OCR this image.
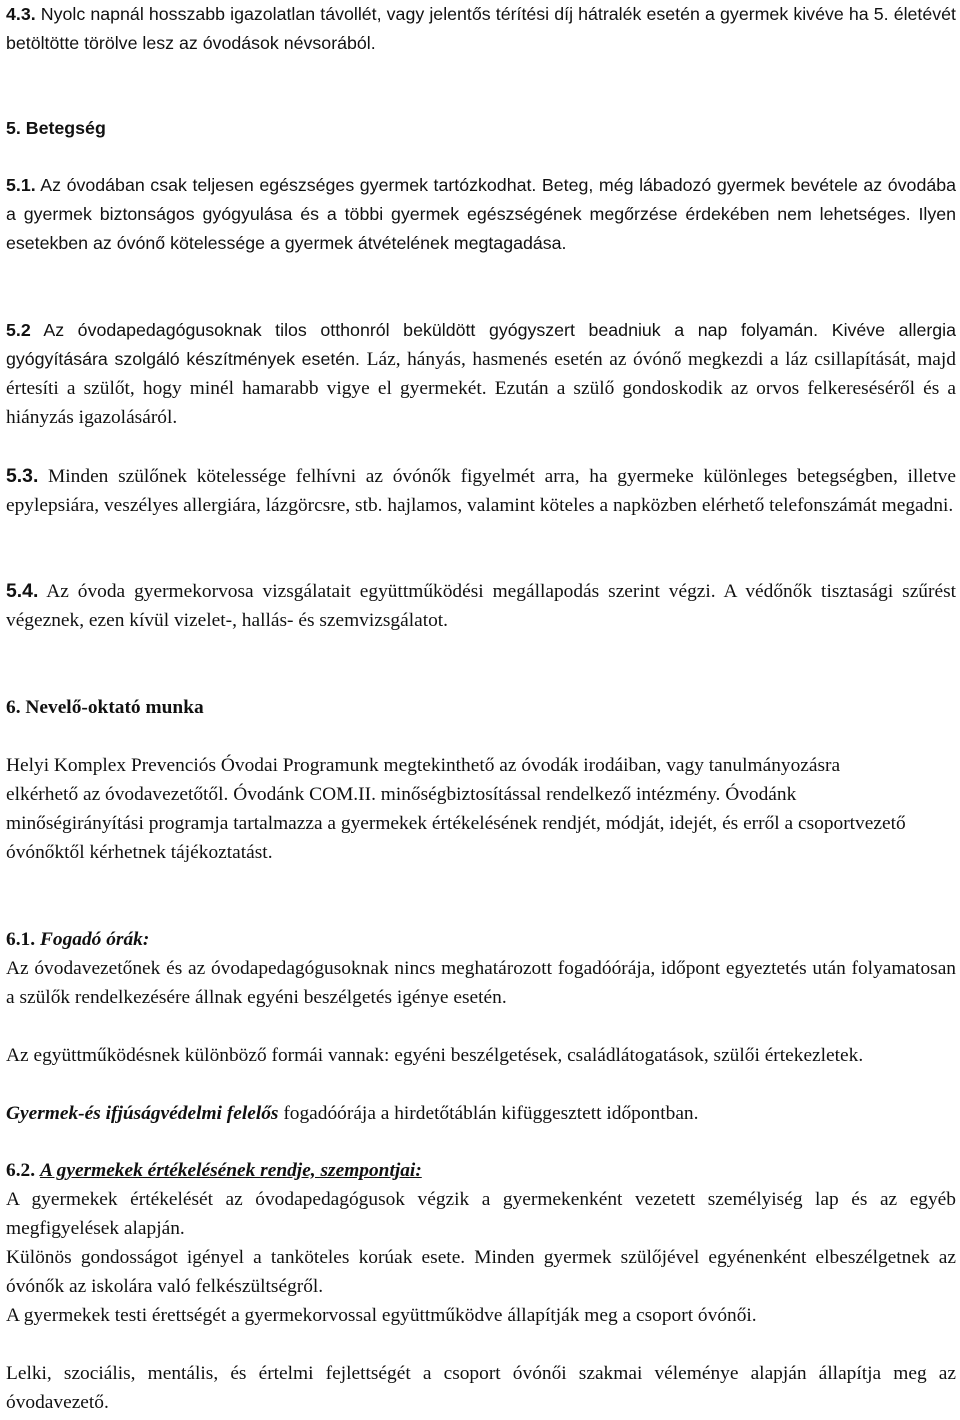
4.3. Nyolc napnál hosszabb igazolatlan távollét, vagy jelentős térítési díj hátralék esetén a gyermek kivéve ha 5. életévét betöltötte törölve lesz az óvodások névsorából.

5. Betegség

5.1. Az óvodában csak teljesen egészséges gyermek tartózkodhat. Beteg, még lábadozó gyermek bevétele az óvodába a gyermek biztonságos gyógyulása és a többi gyermek egészségének megőrzése érdekében nem lehetséges. Ilyen esetekben az óvónő kötelessége a gyermek átvételének megtagadása.

5.2 Az óvodapedagógusoknak tilos otthonról beküldött gyógyszert beadniuk a nap folyamán. Kivéve allergia gyógyítására szolgáló készítmények esetén. Láz, hányás, hasmenés esetén az óvónő megkezdi a láz csillapítását, majd értesíti a szülőt, hogy minél hamarabb vigye el gyermekét. Ezután a szülő gondoskodik az orvos felkereséséről és a hiányzás igazolásáról.

5.3. Minden szülőnek kötelessége felhívni az óvónők figyelmét arra, ha gyermeke különleges betegségben, illetve epylepsiára, veszélyes allergiára, lázgörcsre, stb. hajlamos, valamint köteles a napközben elérhető telefonszámát megadni.

5.4. Az óvoda gyermekorvosa vizsgálatait együttműködési megállapodás szerint végzi. A védőnők tisztasági szűrést végeznek, ezen kívül vizelet-, hallás- és szemvizsgálatot.

6. Nevelő-oktató munka

Helyi Komplex Prevenciós Óvodai Programunk megtekinthető az óvodák irodáiban, vagy tanulmányozásra elkérhető az óvodavezetőtől. Óvodánk COM.II. minőségbiztosítással rendelkező intézmény. Óvodánk minőségirányítási programja tartalmazza a gyermekek értékelésének rendjét, módját, idejét, és erről a csoportvezető óvónőktől kérhetnek tájékoztatást.

6.1. Fogadó órák:

Az óvodavezetőnek és az óvodapedagógusoknak nincs meghatározott fogadóórája, időpont egyeztetés után folyamatosan a szülők rendelkezésére állnak egyéni beszélgetés igénye esetén.

Az együttműködésnek különböző formái vannak: egyéni beszélgetések, családlátogatások, szülői értekezletek.

Gyermek-és ifjúságvédelmi felelős fogadóórája a hirdetőtáblán kifüggesztett időpontban.

6.2. A gyermekek értékelésének rendje, szempontjai:

A gyermekek értékelését az óvodapedagógusok végzik a gyermekenként vezetett személyiség lap és az egyéb megfigyelések alapján.

Különös gondosságot igényel a tanköteles korúak esete. Minden gyermek szülőjével egyénenként elbeszélgetnek az óvónők az iskolára való felkészültségről.

A gyermekek testi érettségét a gyermekorvossal együttműködve állapítják meg a csoport óvónői.

Lelki, szociális, mentális, és értelmi fejlettségét a csoport óvónői szakmai véleménye alapján állapítja meg az óvodavezető.
